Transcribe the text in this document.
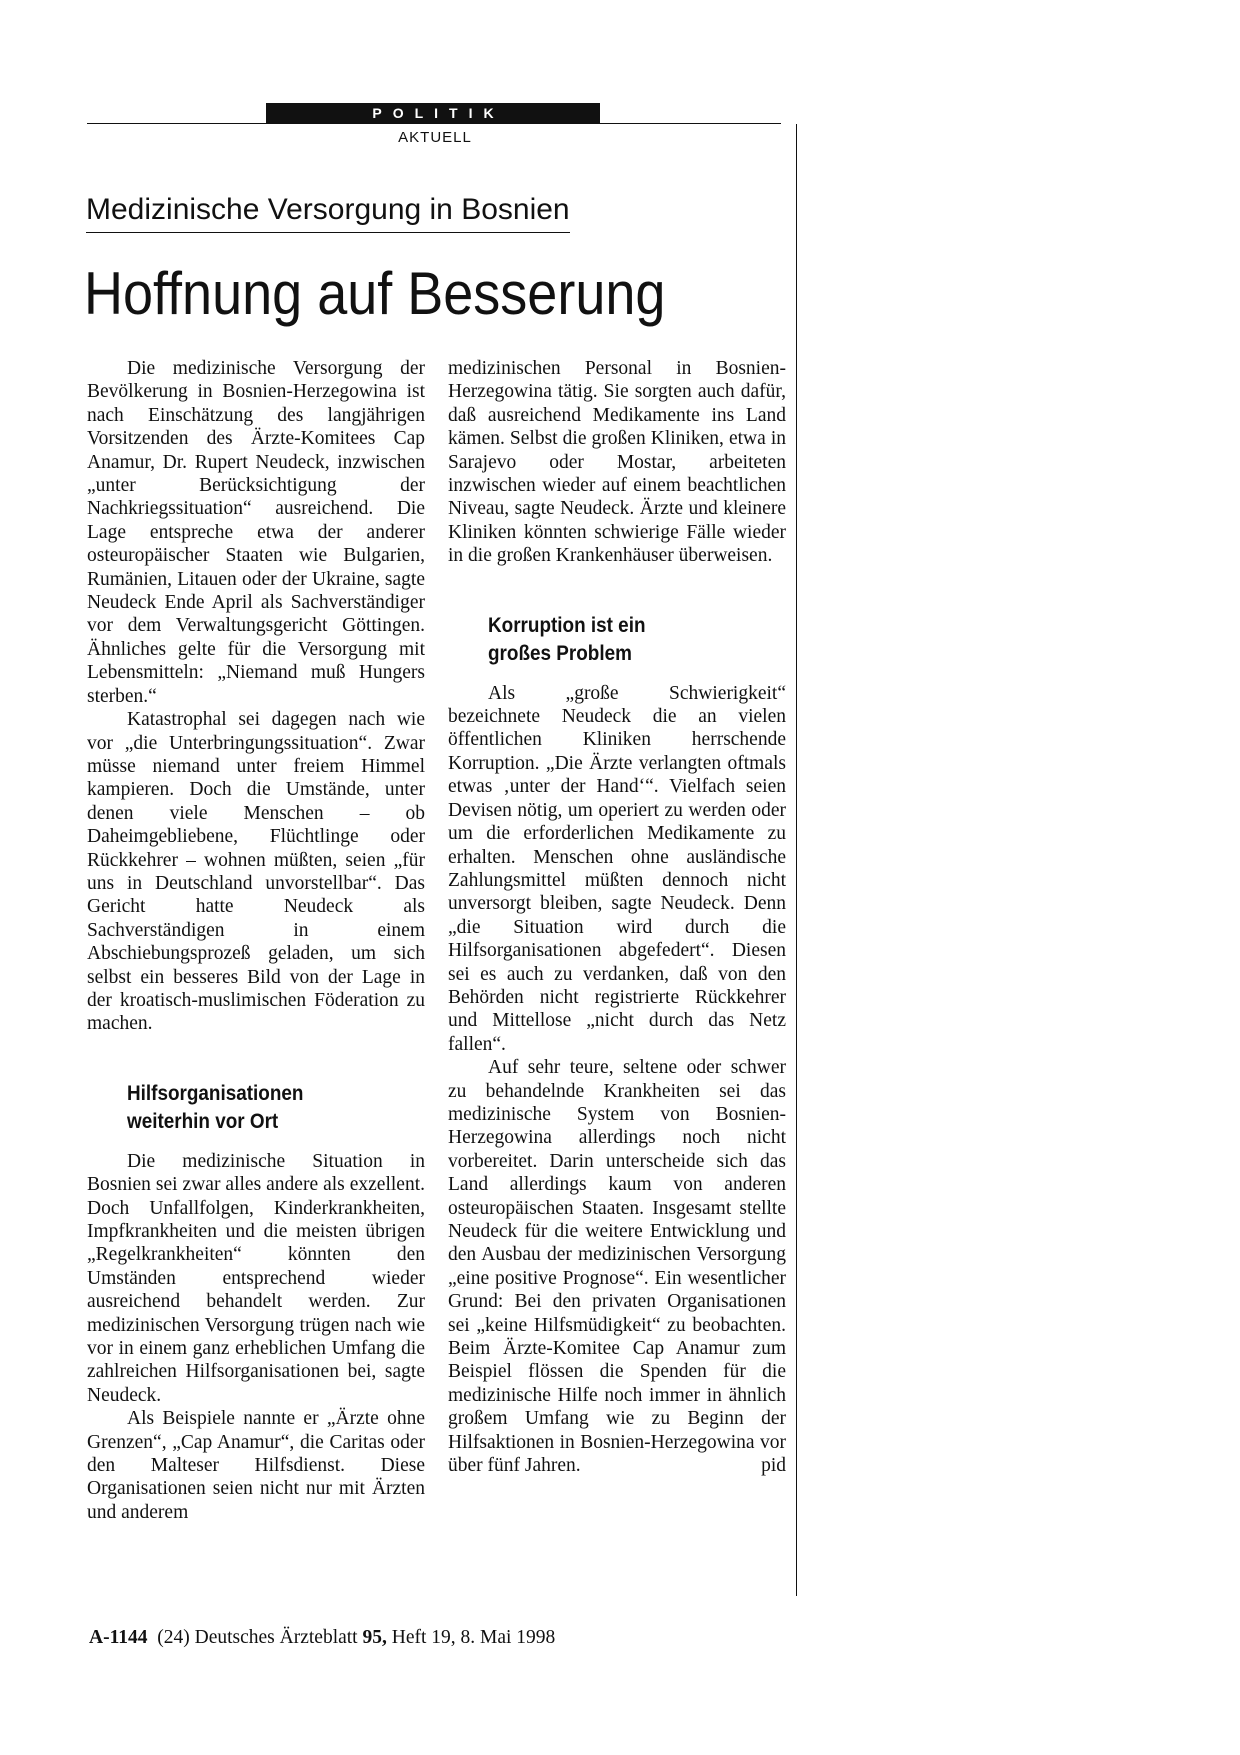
POLITIK
AKTUELL
Medizinische Versorgung in Bosnien
Hoffnung auf Besserung

Die medizinische Versorgung der Bevölkerung in Bosnien-Herzegowina ist nach Einschätzung des langjährigen Vorsitzenden des Ärzte-Komitees Cap Anamur, Dr. Rupert Neudeck, inzwischen „unter Berücksichtigung der Nachkriegssituation“ ausreichend. Die Lage entspreche etwa der anderer osteuropäischer Staaten wie Bulgarien, Rumänien, Litauen oder der Ukraine, sagte Neudeck Ende April als Sachverständiger vor dem Verwaltungsgericht Göttingen. Ähnliches gelte für die Versorgung mit Lebensmitteln: „Niemand muß Hungers sterben.“

Katastrophal sei dagegen nach wie vor „die Unterbringungssituation“. Zwar müsse niemand unter freiem Himmel kampieren. Doch die Umstände, unter denen viele Menschen – ob Daheimgebliebene, Flüchtlinge oder Rückkehrer – wohnen müßten, seien „für uns in Deutschland unvorstellbar“. Das Gericht hatte Neudeck als Sachverständigen in einem Abschiebungsprozeß geladen, um sich selbst ein besseres Bild von der Lage in der kroatisch-muslimischen Föderation zu machen.

Hilfsorganisationen
weiterhin vor Ort

Die medizinische Situation in Bosnien sei zwar alles andere als exzellent. Doch Unfallfolgen, Kinderkrankheiten, Impfkrankheiten und die meisten übrigen „Regelkrankheiten“ könnten den Umständen entsprechend wieder ausreichend behandelt werden. Zur medizinischen Versorgung trügen nach wie vor in einem ganz erheblichen Umfang die zahlreichen Hilfsorganisationen bei, sagte Neudeck.

Als Beispiele nannte er „Ärzte ohne Grenzen“, „Cap Anamur“, die Caritas oder den Malteser Hilfsdienst. Diese Organisationen seien nicht nur mit Ärzten und anderem

medizinischen Personal in Bosnien-Herzegowina tätig. Sie sorgten auch dafür, daß ausreichend Medikamente ins Land kämen. Selbst die großen Kliniken, etwa in Sarajevo oder Mostar, arbeiteten inzwischen wieder auf einem beachtlichen Niveau, sagte Neudeck. Ärzte und kleinere Kliniken könnten schwierige Fälle wieder in die großen Krankenhäuser überweisen.

Korruption ist ein
großes Problem

Als „große Schwierigkeit“ bezeichnete Neudeck die an vielen öffentlichen Kliniken herrschende Korruption. „Die Ärzte verlangten oftmals etwas ‚unter der Hand‘“. Vielfach seien Devisen nötig, um operiert zu werden oder um die erforderlichen Medikamente zu erhalten. Menschen ohne ausländische Zahlungsmittel müßten dennoch nicht unversorgt bleiben, sagte Neudeck. Denn „die Situation wird durch die Hilfsorganisationen abgefedert“. Diesen sei es auch zu verdanken, daß von den Behörden nicht registrierte Rückkehrer und Mittellose „nicht durch das Netz fallen“.

Auf sehr teure, seltene oder schwer zu behandelnde Krankheiten sei das medizinische System von Bosnien-Herzegowina allerdings noch nicht vorbereitet. Darin unterscheide sich das Land allerdings kaum von anderen osteuropäischen Staaten. Insgesamt stellte Neudeck für die weitere Entwicklung und den Ausbau der medizinischen Versorgung „eine positive Prognose“. Ein wesentlicher Grund: Bei den privaten Organisationen sei „keine Hilfsmüdigkeit“ zu beobachten. Beim Ärzte-Komitee Cap Anamur zum Beispiel flössen die Spenden für die medizinische Hilfe noch immer in ähnlich großem Umfang wie zu Beginn der Hilfsaktionen in Bosnien-Herzegowina vor über fünf Jahren.	pid

A-1144 (24) Deutsches Ärzteblatt 95, Heft 19, 8. Mai 1998
